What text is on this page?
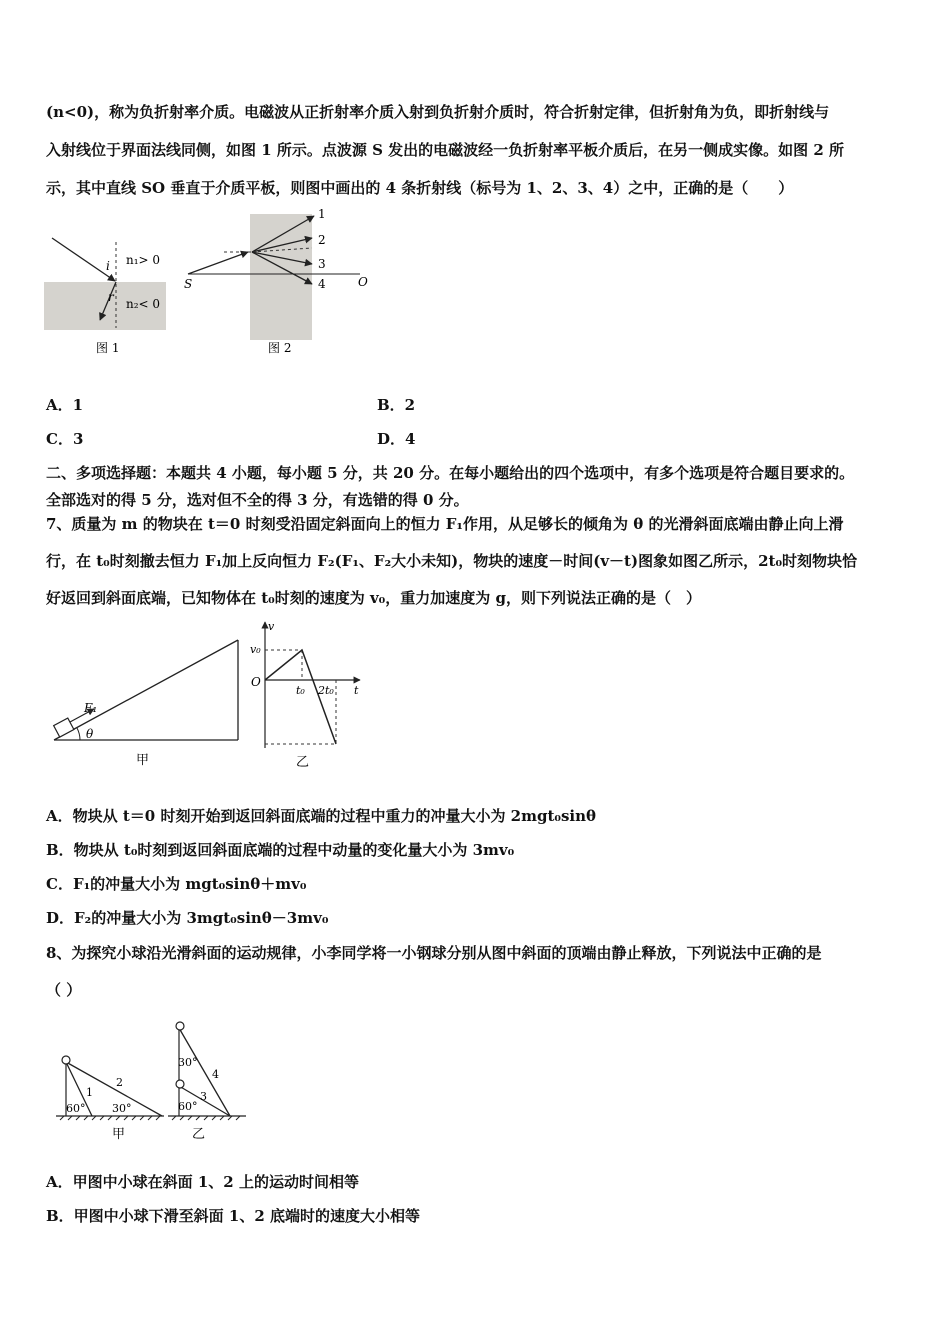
(n<0)，称为负折射率介质。电磁波从正折射率介质入射到负折射介质时，符合折射定律，但折射角为负，即折射线与
入射线位于界面法线同侧，如图 1 所示。点波源 S 发出的电磁波经一负折射率平板介质后，在另一侧成实像。如图 2 所
示，其中直线 SO 垂直于介质平板，则图中画出的 4 条折射线（标号为 1、2、3、4）之中，正确的是（　　）
i
r
n₁> 0
n₂< 0
图 1
S	O
1
2
3
4
图 2
A．1	B．2
C．3	D．4
二、多项选择题：本题共 4 小题，每小题 5 分，共 20 分。在每小题给出的四个选项中，有多个选项是符合题目要求的。
全部选对的得 5 分，选对但不全的得 3 分，有选错的得 0 分。
7、质量为 m 的物块在 t＝0 时刻受沿固定斜面向上的恒力 F₁作用，从足够长的倾角为 θ 的光滑斜面底端由静止向上滑
行，在 t₀时刻撤去恒力 F₁加上反向恒力 F₂(F₁、F₂大小未知)，物块的速度－时间(v－t)图象如图乙所示，2t₀时刻物块恰
好返回到斜面底端，已知物体在 t₀时刻的速度为 v₀，重力加速度为 g，则下列说法正确的是（　）
F₁
θ
甲
v
v₀
O
t₀ 2t₀ t
乙
A．物块从 t＝0 时刻开始到返回斜面底端的过程中重力的冲量大小为 2mgt₀sinθ
B．物块从 t₀时刻到返回斜面底端的过程中动量的变化量大小为 3mv₀
C．F₁的冲量大小为 mgt₀sinθ＋mv₀
D．F₂的冲量大小为 3mgt₀sinθ－3mv₀
8、为探究小球沿光滑斜面的运动规律，小李同学将一小钢球分别从图中斜面的顶端由静止释放，下列说法中正确的是
（ ）
60° 30°
1
2
甲
30°
60°
3
4
乙
A．甲图中小球在斜面 1、2 上的运动时间相等
B．甲图中小球下滑至斜面 1、2 底端时的速度大小相等
